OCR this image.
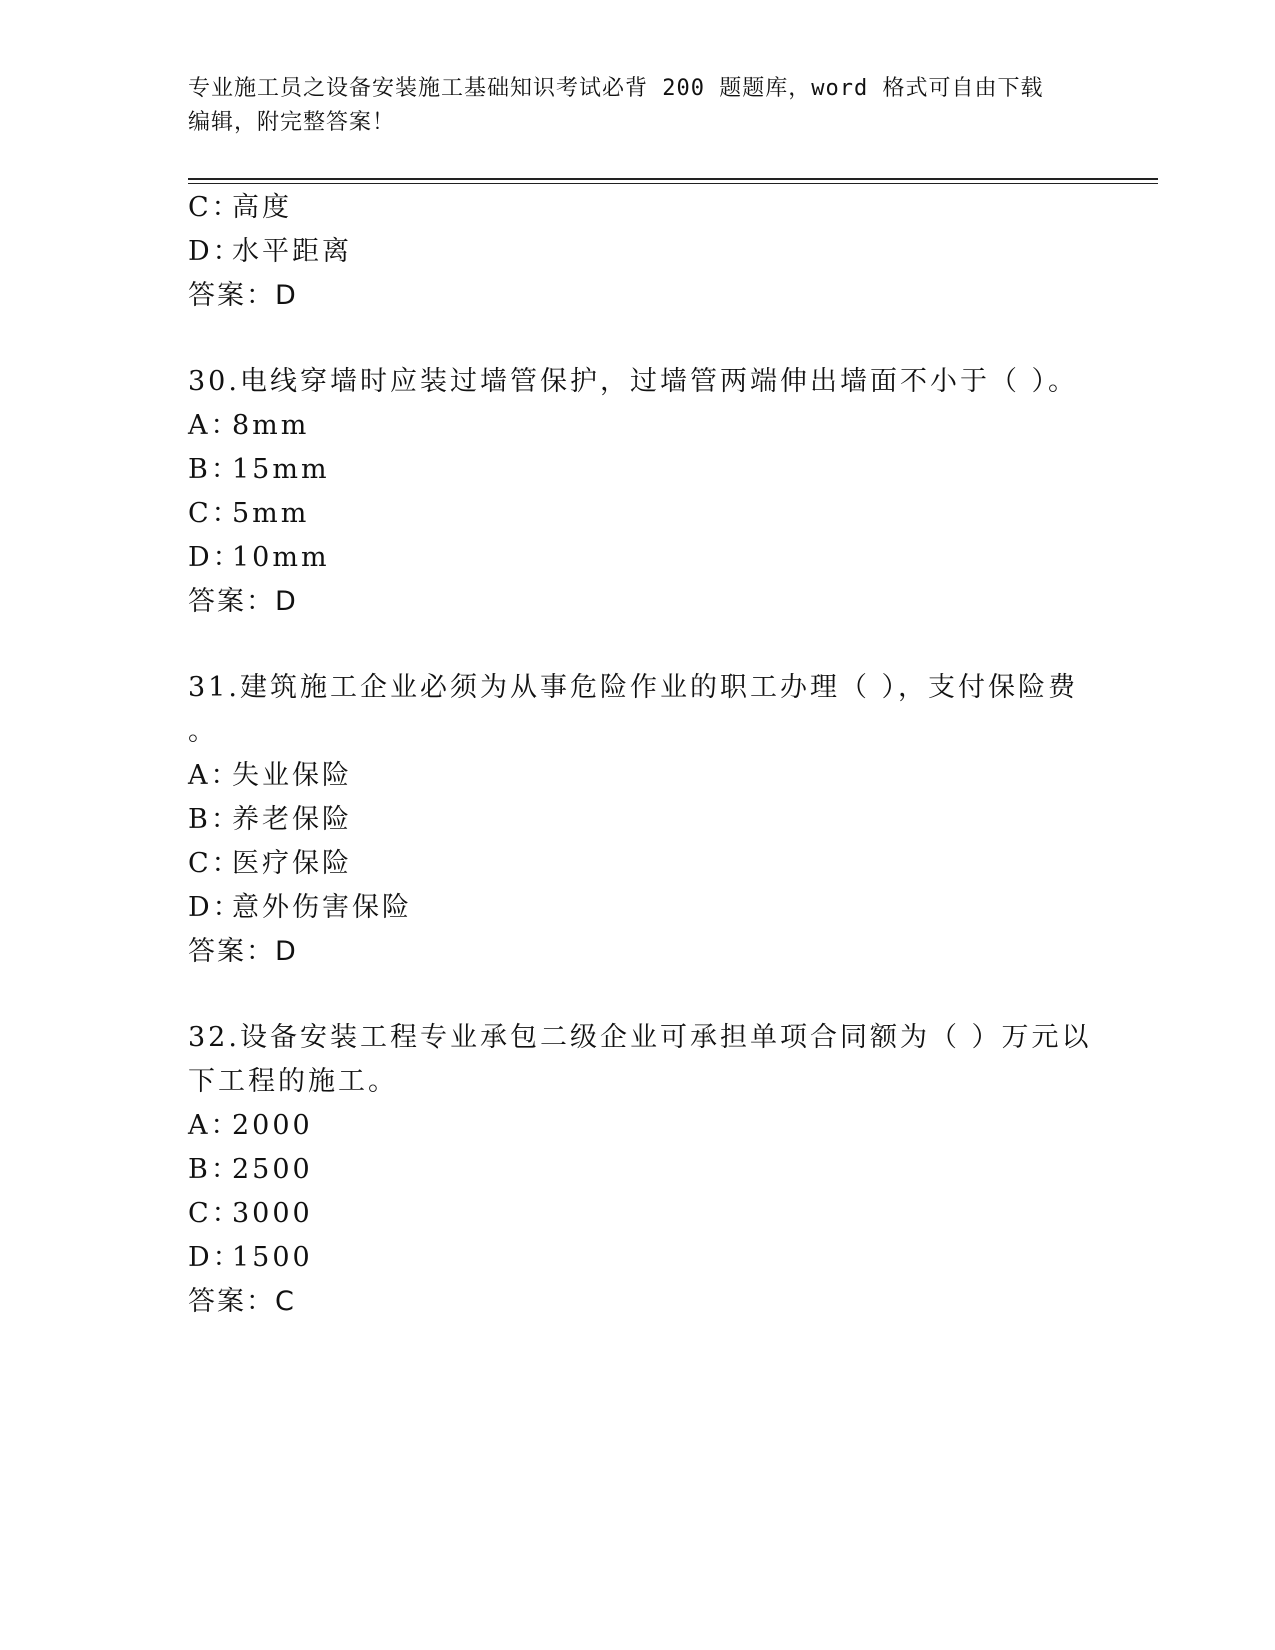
专业施工员之设备安装施工基础知识考试必背 200 题题库，word 格式可自由下载
编辑，附完整答案！
C：高度
D：水平距离
答案：D
30.电线穿墙时应装过墙管保护，过墙管两端伸出墙面不小于（ ）。
A：8mm
B：15mm
C：5mm
D：10mm
答案：D
31.建筑施工企业必须为从事危险作业的职工办理（ ），支付保险费
。
A：失业保险
B：养老保险
C：医疗保险
D：意外伤害保险
答案：D
32.设备安装工程专业承包二级企业可承担单项合同额为（ ）万元以
下工程的施工。
A：2000
B：2500
C：3000
D：1500
答案：C
